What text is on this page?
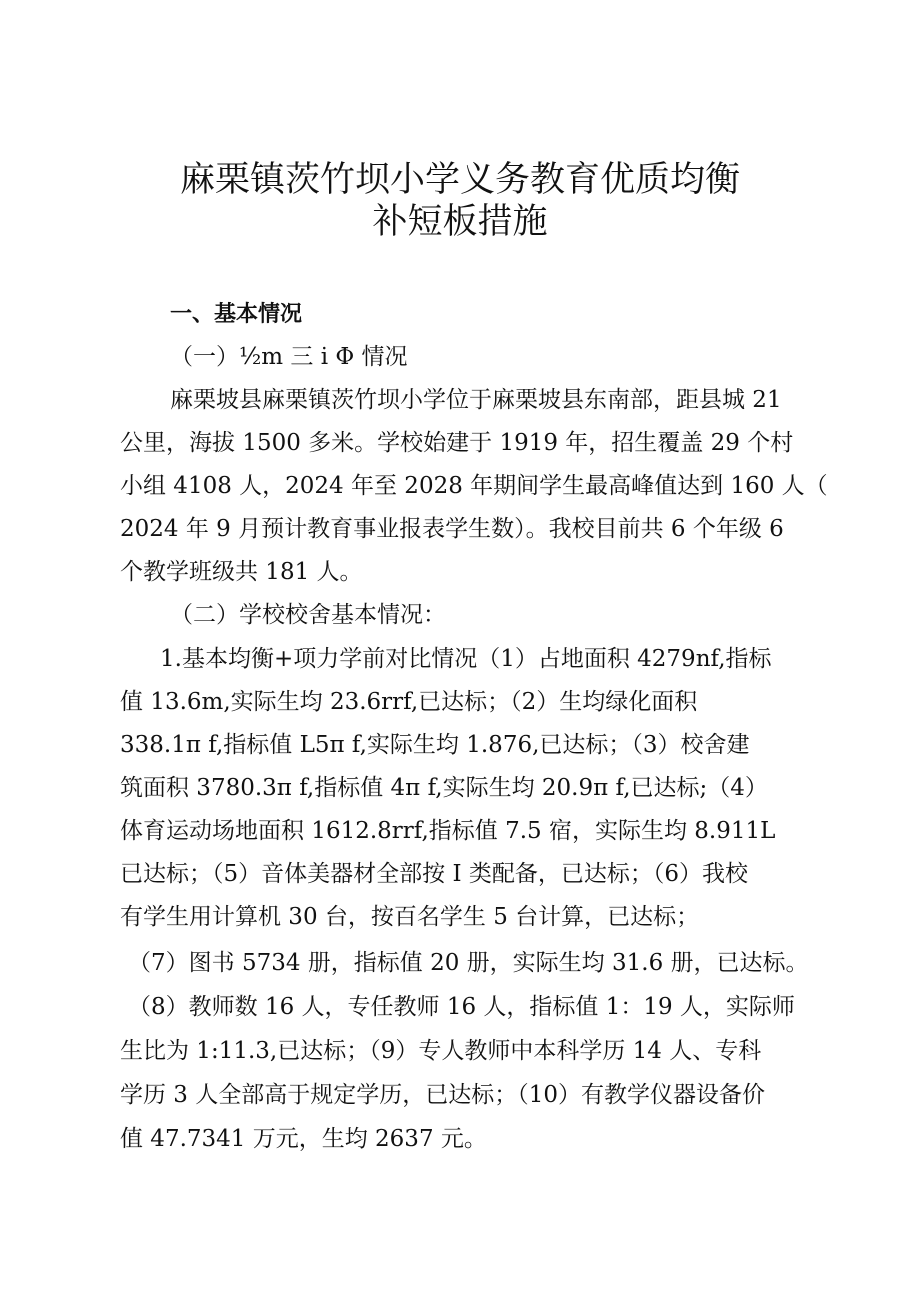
麻栗镇茨竹坝小学义务教育优质均衡
补短板措施

一、基本情况

（一）½m 三 i Φ 情况

麻栗坡县麻栗镇茨竹坝小学位于麻栗坡县东南部，距县城 21

公里，海拔 1500 多米。学校始建于 1919 年，招生覆盖 29 个村

小组 4108 人，2024 年至 2028 年期间学生最高峰值达到 160 人（

2024 年 9 月预计教育事业报表学生数）。我校目前共 6 个年级 6

个教学班级共 181 人。

（二）学校校舍基本情况：

1.基本均衡+项力学前对比情况（1）占地面积 4279nf,指标

值 13.6m,实际生均 23.6rrf,已达标；（2）生均绿化面积

338.1π f,指标值 L5π f,实际生均 1.876,已达标；（3）校舍建

筑面积 3780.3π f,指标值 4π f,实际生均 20.9π f,已达标;（4）

体育运动场地面积 1612.8rrf,指标值 7.5 宿，实际生均 8.911L

已达标；（5）音体美器材全部按 I 类配备，已达标；（6）我校

有学生用计算机 30 台，按百名学生 5 台计算，已达标；

（7）图书 5734 册，指标值 20 册，实际生均 31.6 册，已达标。

（8）教师数 16 人，专任教师 16 人，指标值 1：19 人，实际师

生比为 1:11.3,已达标；（9）专人教师中本科学历 14 人、专科

学历 3 人全部高于规定学历，已达标；（10）有教学仪器设备价

值 47.7341 万元，生均 2637 元。
